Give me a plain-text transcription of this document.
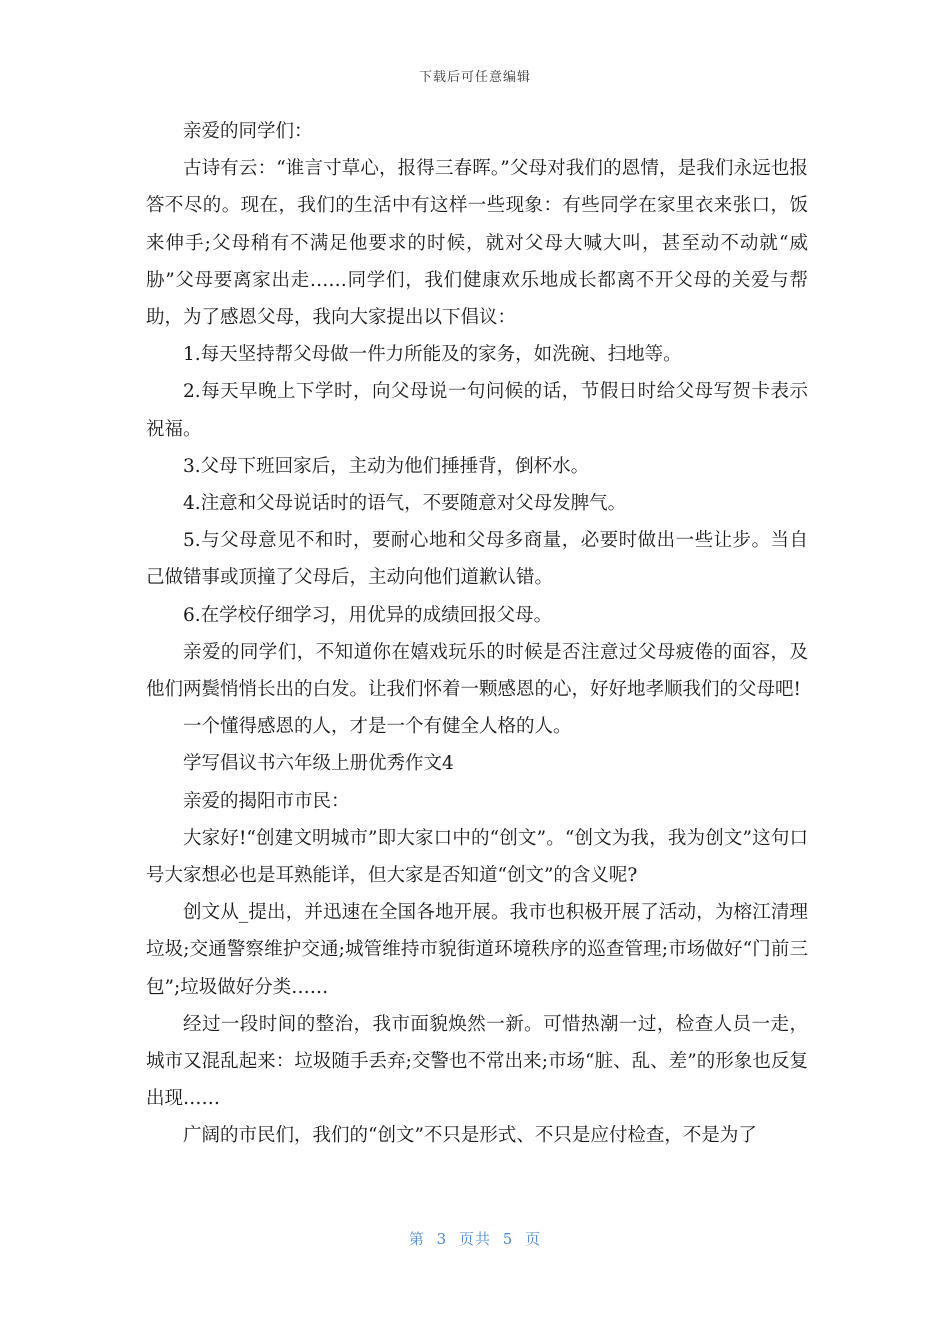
下载后可任意编辑

亲爱的同学们：

古诗有云：“谁言寸草心，报得三春晖。”父母对我们的恩情，是我们永远也报答不尽的。现在，我们的生活中有这样一些现象：有些同学在家里衣来张口，饭来伸手;父母稍有不满足他要求的时候，就对父母大喊大叫，甚至动不动就“威胁”父母要离家出走……同学们，我们健康欢乐地成长都离不开父母的关爱与帮助，为了感恩父母，我向大家提出以下倡议：

1.每天坚持帮父母做一件力所能及的家务，如洗碗、扫地等。

2.每天早晚上下学时，向父母说一句问候的话，节假日时给父母写贺卡表示祝福。

3.父母下班回家后，主动为他们捶捶背，倒杯水。

4.注意和父母说话时的语气，不要随意对父母发脾气。

5.与父母意见不和时，要耐心地和父母多商量，必要时做出一些让步。当自己做错事或顶撞了父母后，主动向他们道歉认错。

6.在学校仔细学习，用优异的成绩回报父母。

亲爱的同学们，不知道你在嬉戏玩乐的时候是否注意过父母疲倦的面容，及他们两鬓悄悄长出的白发。让我们怀着一颗感恩的心，好好地孝顺我们的父母吧!

一个懂得感恩的人，才是一个有健全人格的人。

学写倡议书六年级上册优秀作文4

亲爱的揭阳市市民：

大家好!“创建文明城市”即大家口中的“创文”。“创文为我，我为创文”这句口号大家想必也是耳熟能详，但大家是否知道“创文”的含义呢?

创文从_提出，并迅速在全国各地开展。我市也积极开展了活动，为榕江清理垃圾;交通警察维护交通;城管维持市貌街道环境秩序的巡查管理;市场做好“门前三包”;垃圾做好分类……

经过一段时间的整治，我市面貌焕然一新。可惜热潮一过，检查人员一走，城市又混乱起来：垃圾随手丢弃;交警也不常出来;市场“脏、乱、差”的形象也反复出现……

广阔的市民们，我们的“创文”不只是形式、不只是应付检查，不是为了

第 3 页共 5 页
